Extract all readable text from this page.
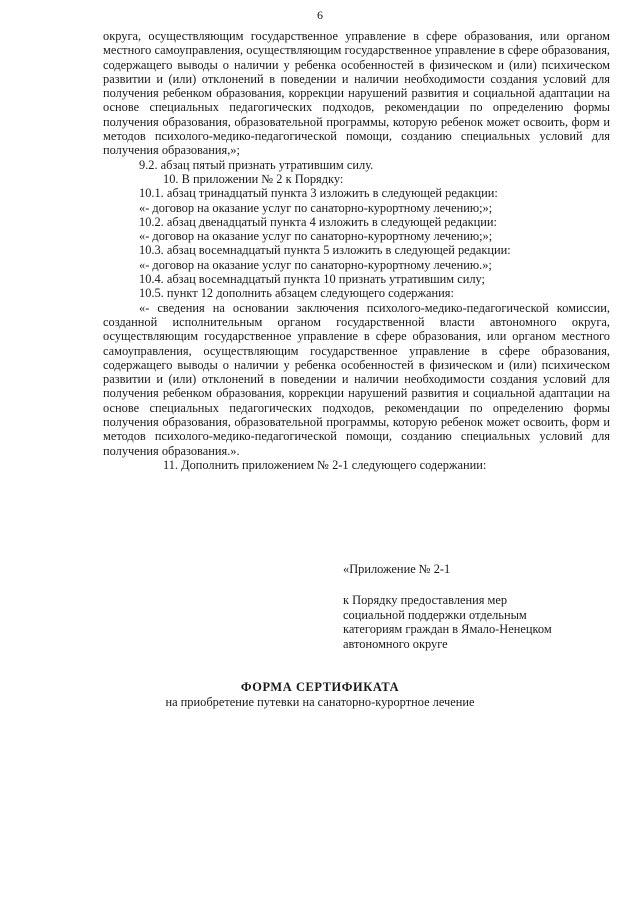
6

округа, осуществляющим государственное управление в сфере образования, или органом местного самоуправления, осуществляющим государственное управление в сфере образования, содержащего выводы о наличии у ребенка особенностей в физическом и (или) психическом развитии и (или) отклонений в поведении и наличии необходимости создания условий для получения ребенком образования, коррекции нарушений развития и социальной адаптации на основе специальных педагогических подходов, рекомендации по определению формы получения образования, образовательной программы, которую ребенок может освоить, форм и методов психолого-медико-педагогической помощи, созданию специальных условий для получения образования,»;

9.2. абзац пятый признать утратившим силу.

10. В приложении № 2 к Порядку:

10.1. абзац тринадцатый пункта 3 изложить в следующей редакции:

«- договор на оказание услуг по санаторно-курортному лечению;»;

10.2. абзац двенадцатый пункта 4 изложить в следующей редакции:

«- договор на оказание услуг по санаторно-курортному лечению;»;

10.3. абзац восемнадцатый пункта 5 изложить в следующей редакции:

«- договор на оказание услуг по санаторно-курортному лечению.»;

10.4. абзац восемнадцатый пункта 10 признать утратившим силу;

10.5. пункт 12 дополнить абзацем следующего содержания:

«- сведения на основании заключения психолого-медико-педагогической комиссии, созданной исполнительным органом государственной власти автономного округа, осуществляющим государственное управление в сфере образования, или органом местного самоуправления, осуществляющим государственное управление в сфере образования, содержащего выводы о наличии у ребенка особенностей в физическом и (или) психическом развитии и (или) отклонений в поведении и наличии необходимости создания условий для получения ребенком образования, коррекции нарушений развития и социальной адаптации на основе специальных педагогических подходов, рекомендации по определению формы получения образования, образовательной программы, которую ребенок может освоить, форм и методов психолого-медико-педагогической помощи, созданию специальных условий для получения образования.».

11. Дополнить приложением № 2-1 следующего содержании:

«Приложение № 2-1
к Порядку предоставления мер
социальной поддержки отдельным
категориям граждан в Ямало-Ненецком
автономного округе
ФОРМА СЕРТИФИКАТА
на приобретение путевки на санаторно-курортное лечение
